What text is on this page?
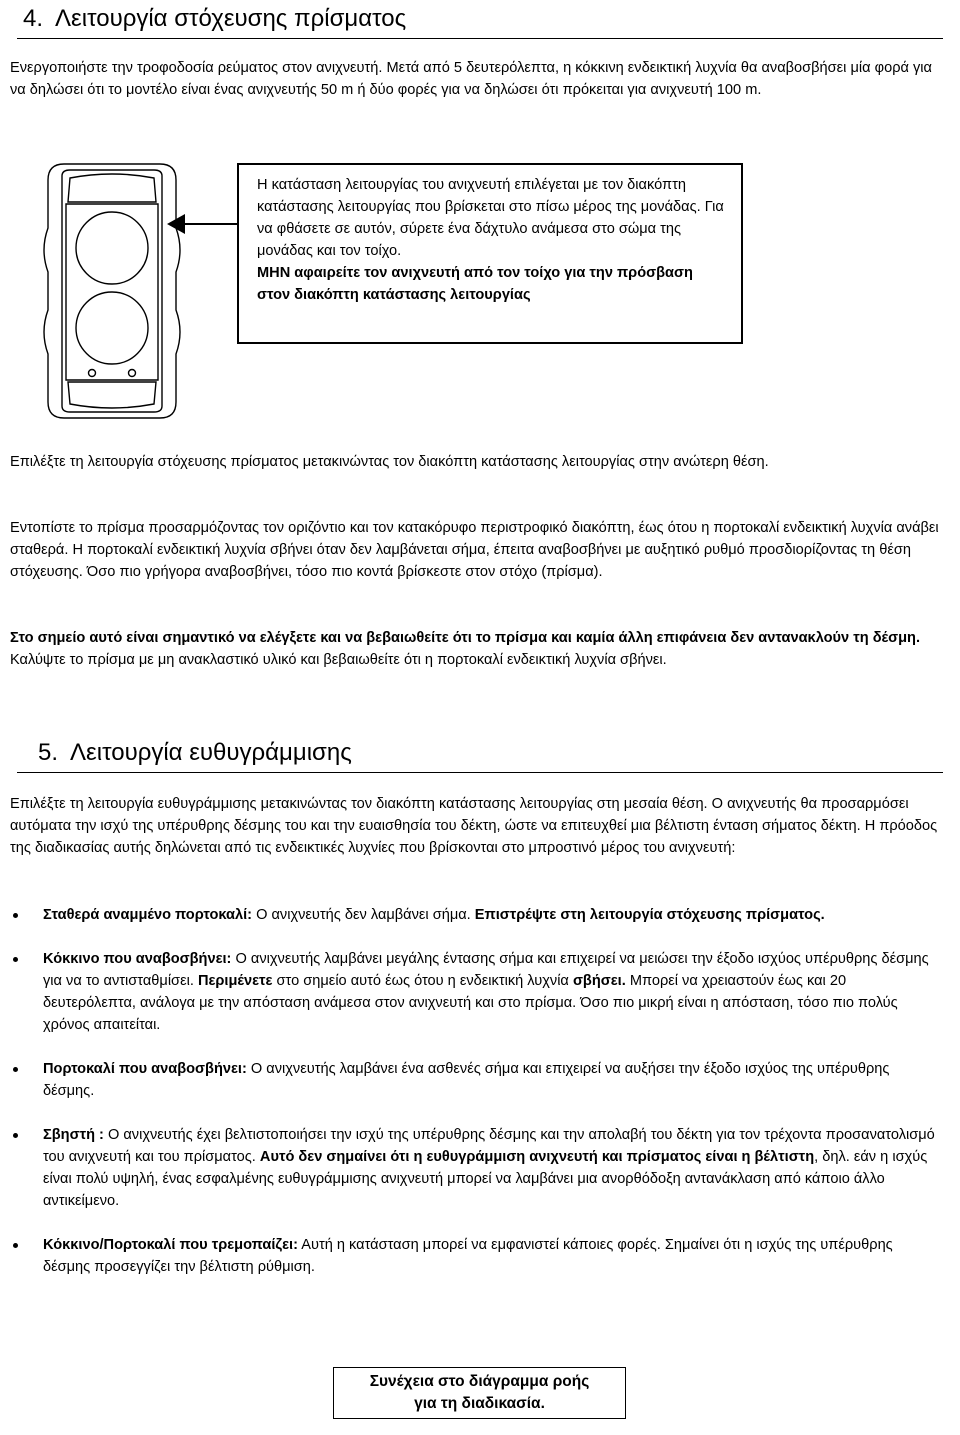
4. Λειτουργία στόχευσης πρίσματος

Ενεργοποιήστε την τροφοδοσία ρεύματος στον ανιχνευτή. Μετά από 5 δευτερόλεπτα, η κόκκινη ενδεικτική λυχνία θα αναβοσβήσει μία φορά για να δηλώσει ότι το μοντέλο είναι ένας ανιχνευτής 50 m ή δύο φορές για να δηλώσει ότι πρόκειται για ανιχνευτή 100 m.

Η κατάσταση λειτουργίας του ανιχνευτή επιλέγεται με τον διακόπτη κατάστασης λειτουργίας που βρίσκεται στο πίσω μέρος της μονάδας. Για να φθάσετε σε αυτόν, σύρετε ένα δάχτυλο ανάμεσα στο σώμα της μονάδας και τον τοίχο.
ΜΗΝ αφαιρείτε τον ανιχνευτή από τον τοίχο για την πρόσβαση στον διακόπτη κατάστασης λειτουργίας

Επιλέξτε τη λειτουργία στόχευσης πρίσματος μετακινώντας τον διακόπτη κατάστασης λειτουργίας στην ανώτερη θέση.

Εντοπίστε το πρίσμα προσαρμόζοντας τον οριζόντιο και τον κατακόρυφο περιστροφικό διακόπτη, έως ότου η πορτοκαλί ενδεικτική λυχνία ανάβει σταθερά. Η πορτοκαλί ενδεικτική λυχνία σβήνει όταν δεν λαμβάνεται σήμα, έπειτα αναβοσβήνει με αυξητικό ρυθμό προσδιορίζοντας τη θέση στόχευσης. Όσο πιο γρήγορα αναβοσβήνει, τόσο πιο κοντά βρίσκεστε στον στόχο (πρίσμα).

Στο σημείο αυτό είναι σημαντικό να ελέγξετε και να βεβαιωθείτε ότι το πρίσμα και καμία άλλη επιφάνεια δεν αντανακλούν τη δέσμη. Καλύψτε το πρίσμα με μη ανακλαστικό υλικό και βεβαιωθείτε ότι η πορτοκαλί ενδεικτική λυχνία σβήνει.

5. Λειτουργία ευθυγράμμισης

Επιλέξτε τη λειτουργία ευθυγράμμισης μετακινώντας τον διακόπτη κατάστασης λειτουργίας στη μεσαία θέση. Ο ανιχνευτής θα προσαρμόσει αυτόματα την ισχύ της υπέρυθρης δέσμης του και την ευαισθησία του δέκτη, ώστε να επιτευχθεί μια βέλτιστη ένταση σήματος δέκτη. Η πρόοδος της διαδικασίας αυτής δηλώνεται από τις ενδεικτικές λυχνίες που βρίσκονται στο μπροστινό μέρος του ανιχνευτή:

Σταθερά αναμμένο πορτοκαλί: Ο ανιχνευτής δεν λαμβάνει σήμα. Επιστρέψτε στη λειτουργία στόχευσης πρίσματος.
Κόκκινο που αναβοσβήνει: Ο ανιχνευτής λαμβάνει μεγάλης έντασης σήμα και επιχειρεί να μειώσει την έξοδο ισχύος υπέρυθρης δέσμης για να το αντισταθμίσει. Περιμένετε στο σημείο αυτό έως ότου η ενδεικτική λυχνία σβήσει. Μπορεί να χρειαστούν έως και 20 δευτερόλεπτα, ανάλογα με την απόσταση ανάμεσα στον ανιχνευτή και στο πρίσμα. Όσο πιο μικρή είναι η απόσταση, τόσο πιο πολύς χρόνος απαιτείται.
Πορτοκαλί που αναβοσβήνει: Ο ανιχνευτής λαμβάνει ένα ασθενές σήμα και επιχειρεί να αυξήσει την έξοδο ισχύος της υπέρυθρης δέσμης.
Σβηστή : Ο ανιχνευτής έχει βελτιστοποιήσει την ισχύ της υπέρυθρης δέσμης και την απολαβή του δέκτη για τον τρέχοντα προσανατολισμό του ανιχνευτή και του πρίσματος. Αυτό δεν σημαίνει ότι η ευθυγράμμιση ανιχνευτή και πρίσματος είναι η βέλτιστη, δηλ. εάν η ισχύς είναι πολύ υψηλή, ένας εσφαλμένης ευθυγράμμισης ανιχνευτή μπορεί να λαμβάνει μια ανορθόδοξη αντανάκλαση από κάποιο άλλο αντικείμενο.
Κόκκινο/Πορτοκαλί που τρεμοπαίζει: Αυτή η κατάσταση μπορεί να εμφανιστεί κάποιες φορές. Σημαίνει ότι η ισχύς της υπέρυθρης δέσμης προσεγγίζει την βέλτιστη ρύθμιση.
Συνέχεια στο διάγραμμα ροής
για τη διαδικασία.
